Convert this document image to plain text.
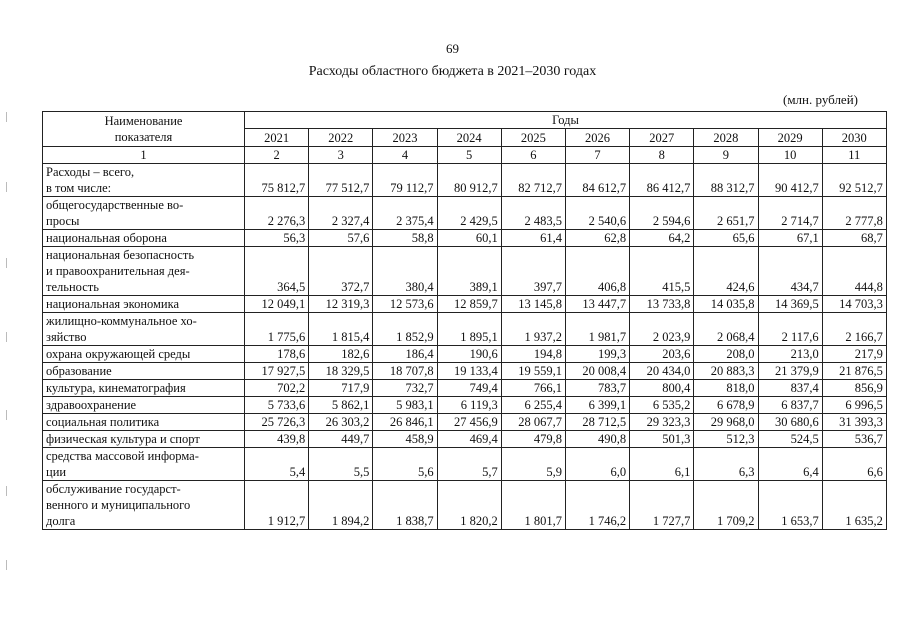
69
Расходы областного бюджета в 2021–2030 годах
(млн. рублей)
Наименование
показателя	Годы									
	2021	2022	2023	2024	2025	2026	2027	2028	2029	2030
1	2	3	4	5	6	7	8	9	10	11
Расходы – всего,
в том числе:	75 812,7	77 512,7	79 112,7	80 912,7	82 712,7	84 612,7	86 412,7	88 312,7	90 412,7	92 512,7
общегосударственные во-
просы	2 276,3	2 327,4	2 375,4	2 429,5	2 483,5	2 540,6	2 594,6	2 651,7	2 714,7	2 777,8
национальная оборона	56,3	57,6	58,8	60,1	61,4	62,8	64,2	65,6	67,1	68,7
национальная безопасность
и правоохранительная дея-
тельность	364,5	372,7	380,4	389,1	397,7	406,8	415,5	424,6	434,7	444,8
национальная экономика	12 049,1	12 319,3	12 573,6	12 859,7	13 145,8	13 447,7	13 733,8	14 035,8	14 369,5	14 703,3
жилищно-коммунальное хо-
зяйство	1 775,6	1 815,4	1 852,9	1 895,1	1 937,2	1 981,7	2 023,9	2 068,4	2 117,6	2 166,7
охрана окружающей среды	178,6	182,6	186,4	190,6	194,8	199,3	203,6	208,0	213,0	217,9
образование	17 927,5	18 329,5	18 707,8	19 133,4	19 559,1	20 008,4	20 434,0	20 883,3	21 379,9	21 876,5
культура, кинематография	702,2	717,9	732,7	749,4	766,1	783,7	800,4	818,0	837,4	856,9
здравоохранение	5 733,6	5 862,1	5 983,1	6 119,3	6 255,4	6 399,1	6 535,2	6 678,9	6 837,7	6 996,5
социальная политика	25 726,3	26 303,2	26 846,1	27 456,9	28 067,7	28 712,5	29 323,3	29 968,0	30 680,6	31 393,3
физическая культура и спорт	439,8	449,7	458,9	469,4	479,8	490,8	501,3	512,3	524,5	536,7
средства массовой информа-
ции	5,4	5,5	5,6	5,7	5,9	6,0	6,1	6,3	6,4	6,6
обслуживание государст-
венного и муниципального
долга	1 912,7	1 894,2	1 838,7	1 820,2	1 801,7	1 746,2	1 727,7	1 709,2	1 653,7	1 635,2
